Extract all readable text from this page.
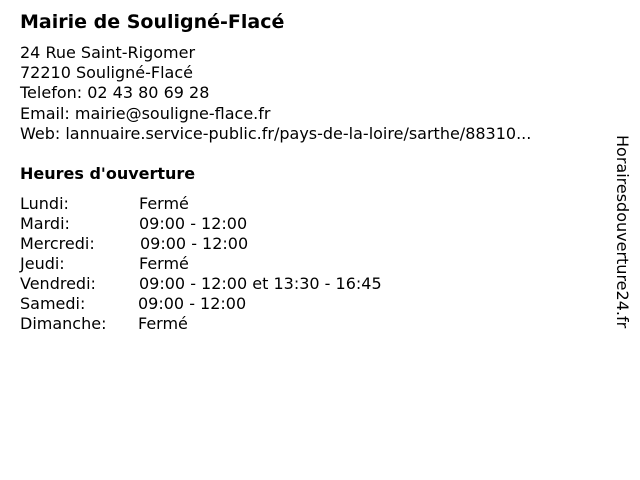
Mairie de Souligné-Flacé
24 Rue Saint-Rigomer
72210 Souligné-Flacé
Telefon: 02 43 80 69 28
Email: mairie@souligne-flace.fr
Web: lannuaire.service-public.fr/pays-de-la-loire/sarthe/88310...
Heures d'ouverture
Lundi:	Fermé
Mardi:	09:00 - 12:00
Mercredi:	09:00 - 12:00
Jeudi:	Fermé
Vendredi:	09:00 - 12:00 et 13:30 - 16:45
Samedi:	09:00 - 12:00
Dimanche: Fermé	Horairesdouverture24.fr
